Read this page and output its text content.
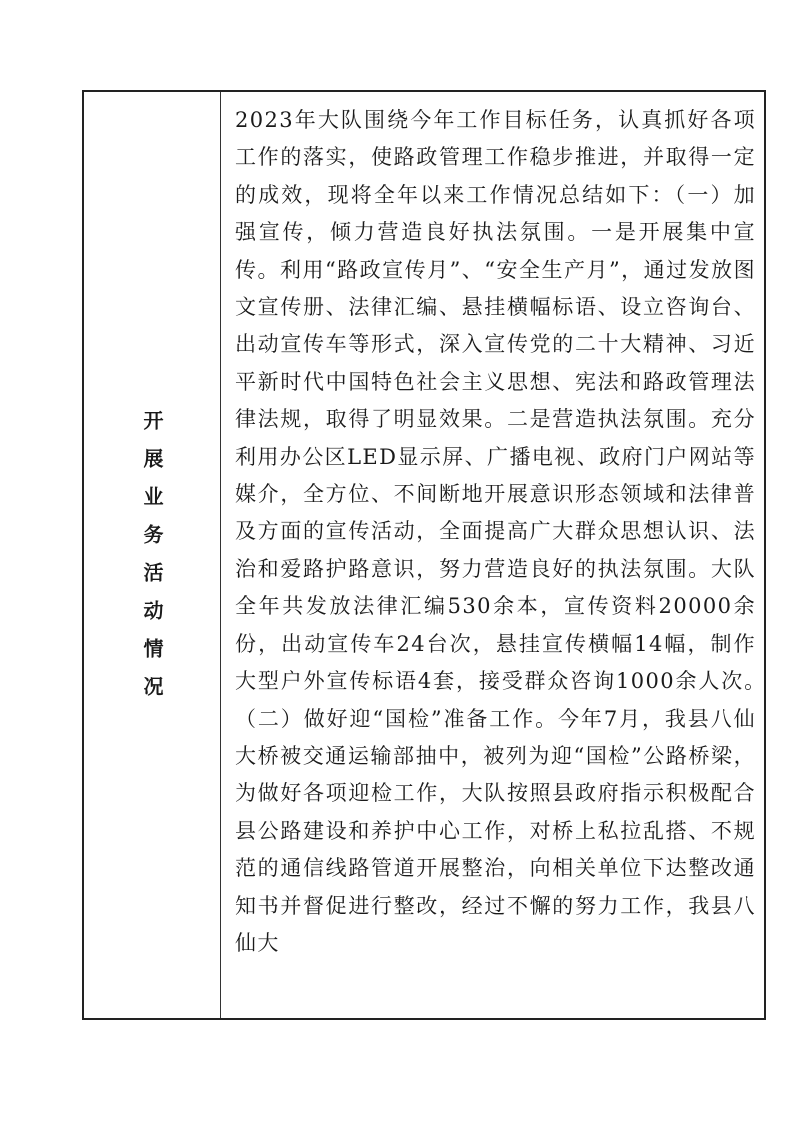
开展业务活动情况

2023年大队围绕今年工作目标任务，认真抓好各项工作的落实，使路政管理工作稳步推进，并取得一定的成效，现将全年以来工作情况总结如下：（一）加强宣传，倾力营造良好执法氛围。一是开展集中宣传。利用“路政宣传月”、“安全生产月”，通过发放图文宣传册、法律汇编、悬挂横幅标语、设立咨询台、出动宣传车等形式，深入宣传党的二十大精神、习近平新时代中国特色社会主义思想、宪法和路政管理法律法规，取得了明显效果。二是营造执法氛围。充分利用办公区LED显示屏、广播电视、政府门户网站等媒介，全方位、不间断地开展意识形态领域和法律普及方面的宣传活动，全面提高广大群众思想认识、法治和爱路护路意识，努力营造良好的执法氛围。大队全年共发放法律汇编530余本，宣传资料20000余份，出动宣传车24台次，悬挂宣传横幅14幅，制作大型户外宣传标语4套，接受群众咨询1000余人次。　（二）做好迎“国检”准备工作。今年7月，我县八仙大桥被交通运输部抽中，被列为迎“国检”公路桥梁，为做好各项迎检工作，大队按照县政府指示积极配合县公路建设和养护中心工作，对桥上私拉乱搭、不规范的通信线路管道开展整治，向相关单位下达整改通知书并督促进行整改，经过不懈的努力工作，我县八仙大
